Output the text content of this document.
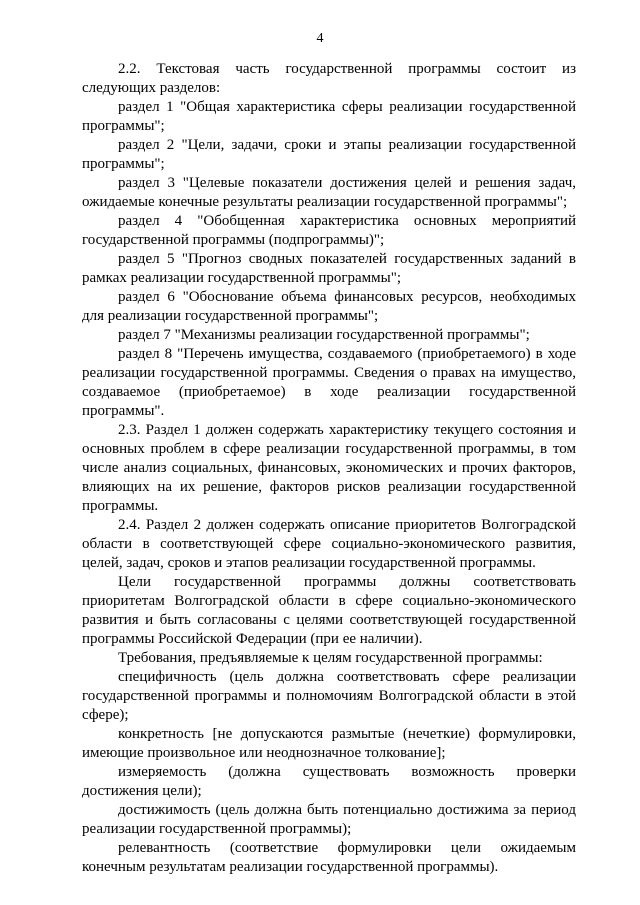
4

2.2. Текстовая часть государственной программы состоит из следующих разделов:

раздел 1 "Общая характеристика сферы реализации государственной программы";

раздел 2 "Цели, задачи, сроки и этапы реализации государственной программы";

раздел 3 "Целевые показатели достижения целей и решения задач, ожидаемые конечные результаты реализации государственной программы";

раздел 4 "Обобщенная характеристика основных мероприятий государственной программы (подпрограммы)";

раздел 5 "Прогноз сводных показателей государственных заданий в рамках реализации государственной программы";

раздел 6 "Обоснование объема финансовых ресурсов, необходимых для реализации государственной программы";

раздел 7 "Механизмы реализации государственной программы";

раздел 8 "Перечень имущества, создаваемого (приобретаемого) в ходе реализации государственной программы. Сведения о правах на имущество, создаваемое (приобретаемое) в ходе реализации государственной программы".

2.3. Раздел 1 должен содержать характеристику текущего состояния и основных проблем в сфере реализации государственной программы, в том числе анализ социальных, финансовых, экономических и прочих факторов, влияющих на их решение, факторов рисков реализации государственной программы.

2.4. Раздел 2 должен содержать описание приоритетов Волгоградской области в соответствующей сфере социально-экономического развития, целей, задач, сроков и этапов реализации государственной программы.

Цели государственной программы должны соответствовать приоритетам Волгоградской области в сфере социально-экономического развития и быть согласованы с целями соответствующей государственной программы Российской Федерации (при ее наличии).

Требования, предъявляемые к целям государственной программы:

специфичность (цель должна соответствовать сфере реализации государственной программы и полномочиям Волгоградской области в этой сфере);

конкретность [не допускаются размытые (нечеткие) формулировки, имеющие произвольное или неоднозначное толкование];

измеряемость (должна существовать возможность проверки достижения цели);

достижимость (цель должна быть потенциально достижима за период реализации государственной программы);

релевантность (соответствие формулировки цели ожидаемым конечным результатам реализации государственной программы).
